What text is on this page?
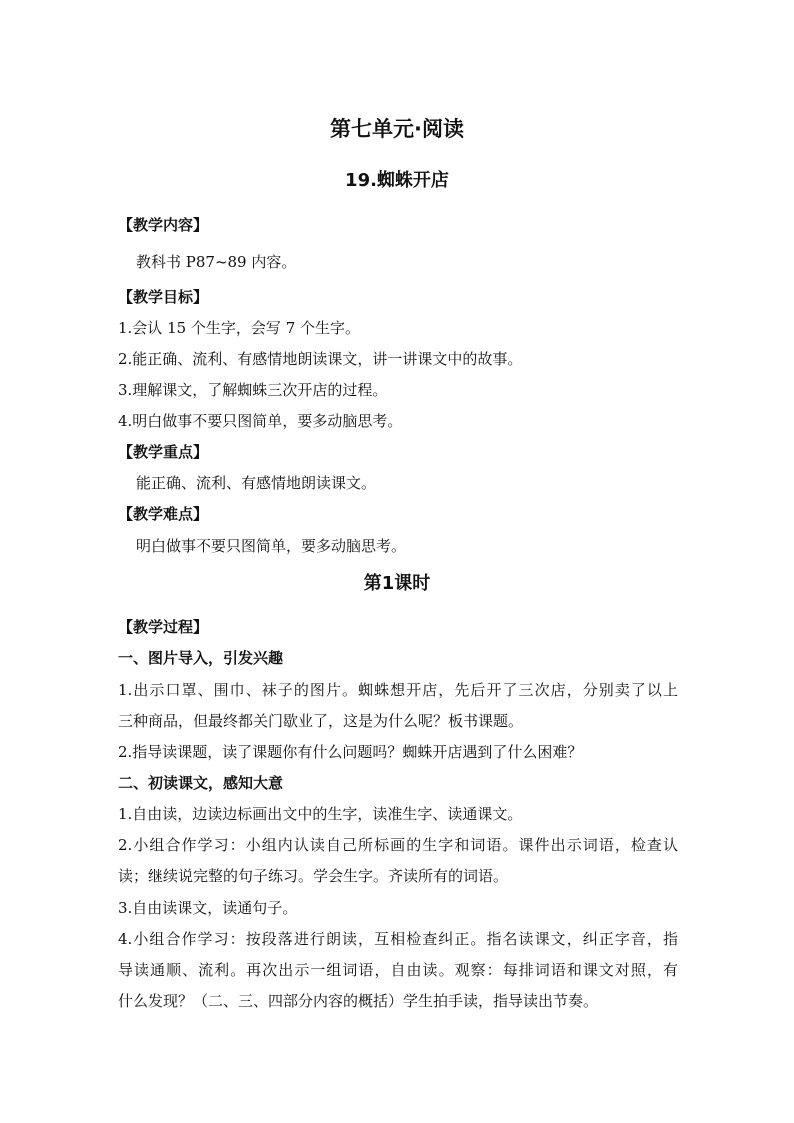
第七单元·阅读
19.蜘蛛开店
【教学内容】
教科书 P87~89 内容。
【教学目标】
1.会认 15 个生字，会写 7 个生字。
2.能正确、流利、有感情地朗读课文，讲一讲课文中的故事。
3.理解课文，了解蜘蛛三次开店的过程。
4.明白做事不要只图简单，要多动脑思考。
【教学重点】
能正确、流利、有感情地朗读课文。
【教学难点】
明白做事不要只图简单，要多动脑思考。
第1课时
【教学过程】
一、图片导入，引发兴趣
1.出示口罩、围巾、袜子的图片。蜘蛛想开店，先后开了三次店，分别卖了以上
三种商品，但最终都关门歇业了，这是为什么呢？板书课题。
2.指导读课题，读了课题你有什么问题吗？蜘蛛开店遇到了什么困难？
二、初读课文，感知大意
1.自由读，边读边标画出文中的生字，读准生字、读通课文。
2.小组合作学习：小组内认读自己所标画的生字和词语。课件出示词语，检查认
读；继续说完整的句子练习。学会生字。齐读所有的词语。
3.自由读课文，读通句子。
4.小组合作学习：按段落进行朗读，互相检查纠正。指名读课文，纠正字音，指
导读通顺、流利。再次出示一组词语，自由读。观察：每排词语和课文对照，有
什么发现？（二、三、四部分内容的概括）学生拍手读，指导读出节奏。
